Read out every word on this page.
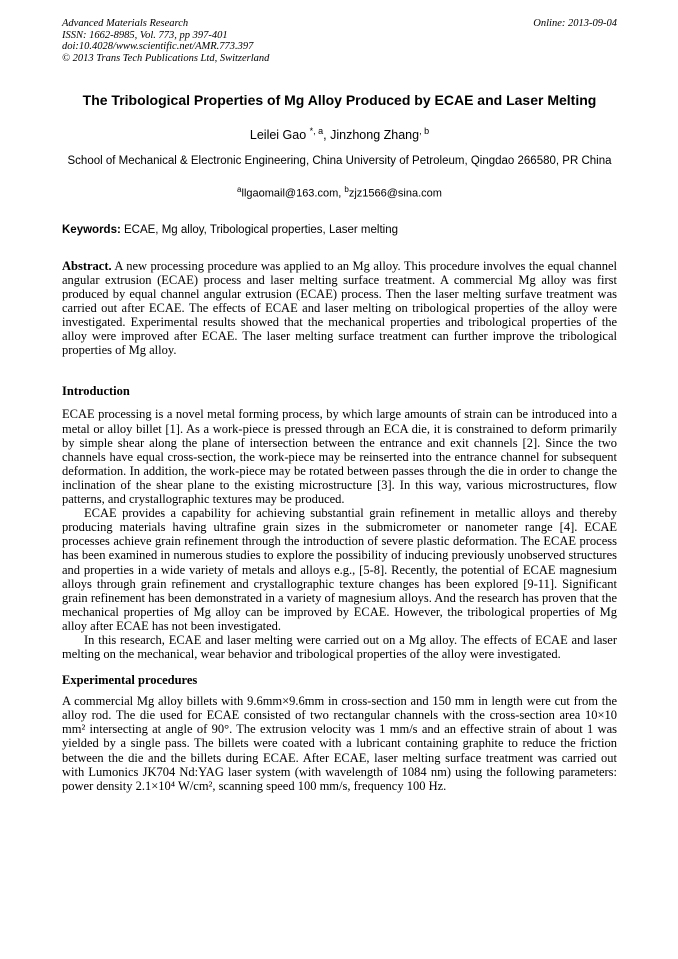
Advanced Materials Research
ISSN: 1662-8985, Vol. 773, pp 397-401
doi:10.4028/www.scientific.net/AMR.773.397
© 2013 Trans Tech Publications Ltd, Switzerland
Online: 2013-09-04
The Tribological Properties of Mg Alloy Produced by ECAE and Laser Melting
Leilei Gao $^{*, a}$, Jinzhong Zhang$^{, b}$
School of Mechanical & Electronic Engineering, China University of Petroleum, Qingdao 266580, PR China
$^a$llgaomail@163.com, $^b$zjz1566@sina.com
Keywords: ECAE, Mg alloy, Tribological properties, Laser melting

Abstract. A new processing procedure was applied to an Mg alloy. This procedure involves the equal channel angular extrusion (ECAE) process and laser melting surface treatment. A commercial Mg alloy was first produced by equal channel angular extrusion (ECAE) process. Then the laser melting surfave treatment was carried out after ECAE. The effects of ECAE and laser melting on tribological properties of the alloy were investigated. Experimental results showed that the mechanical properties and tribological properties of the alloy were improved after ECAE. The laser melting surface treatment can further improve the tribological properties of Mg alloy.

Introduction

ECAE processing is a novel metal forming process, by which large amounts of strain can be introduced into a metal or alloy billet [1]. As a work-piece is pressed through an ECA die, it is constrained to deform primarily by simple shear along the plane of intersection between the entrance and exit channels [2]. Since the two channels have equal cross-section, the work-piece may be reinserted into the entrance channel for subsequent deformation. In addition, the work-piece may be rotated between passes through the die in order to change the inclination of the shear plane to the existing microstructure [3]. In this way, various microstructures, flow patterns, and crystallographic textures may be produced.

ECAE provides a capability for achieving substantial grain refinement in metallic alloys and thereby producing materials having ultrafine grain sizes in the submicrometer or nanometer range [4]. ECAE processes achieve grain refinement through the introduction of severe plastic deformation. The ECAE process has been examined in numerous studies to explore the possibility of inducing previously unobserved structures and properties in a wide variety of metals and alloys e.g., [5-8]. Recently, the potential of ECAE magnesium alloys through grain refinement and crystallographic texture changes has been explored [9-11]. Significant grain refinement has been demonstrated in a variety of magnesium alloys. And the research has proven that the mechanical properties of Mg alloy can be improved by ECAE. However, the tribological properties of Mg alloy after ECAE has not been investigated.

In this research, ECAE and laser melting were carried out on a Mg alloy. The effects of ECAE and laser melting on the mechanical, wear behavior and tribological properties of the alloy were investigated.

Experimental procedures

A commercial Mg alloy billets with 9.6mm×9.6mm in cross-section and 150 mm in length were cut from the alloy rod. The die used for ECAE consisted of two rectangular channels with the cross-section area 10×10 mm² intersecting at angle of 90°. The extrusion velocity was 1 mm/s and an effective strain of about 1 was yielded by a single pass. The billets were coated with a lubricant containing graphite to reduce the friction between the die and the billets during ECAE. After ECAE, laser melting surface treatment was carried out with Lumonics JK704 Nd:YAG laser system (with wavelength of 1084 nm) using the following parameters: power density 2.1×10⁴ W/cm², scanning speed 100 mm/s, frequency 100 Hz.
